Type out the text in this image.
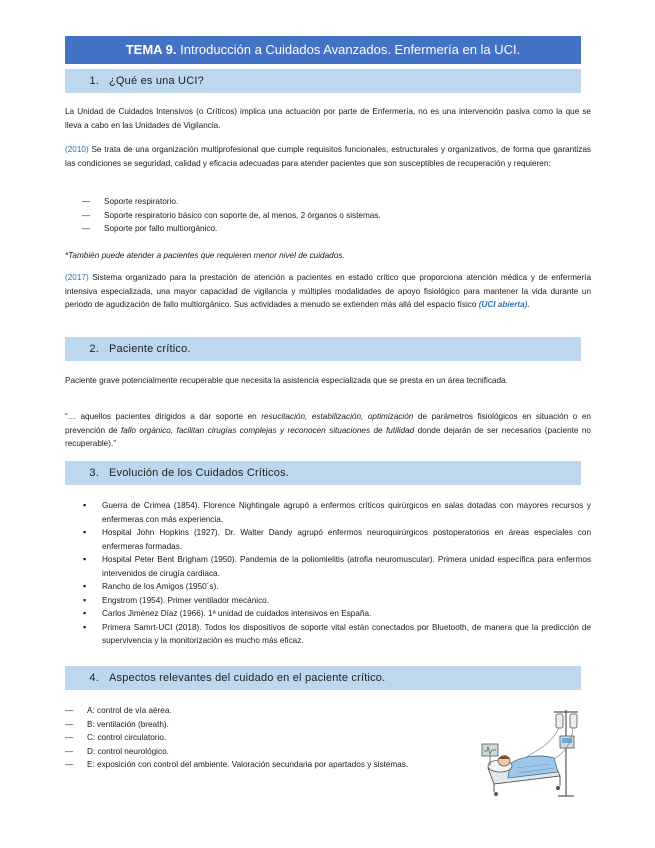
TEMA 9. Introducción a Cuidados Avanzados. Enfermería en la UCI.
1. ¿Qué es una UCI?
La Unidad de Cuidados Intensivos (o Críticos) implica una actuación por parte de Enfermería, no es una intervención pasiva como la que se lleva a cabo en las Unidades de Vigilancia.
(2010) Se trata de una organización multiprofesional que cumple requisitos funcionales, estructurales y organizativos, de forma que garantizas las condiciones se seguridad, calidad y eficacia adecuadas para atender pacientes que son susceptibles de recuperación y requieren:
— Soporte respiratorio.
— Soporte respiratorio básico con soporte de, al menos, 2 órganos o sistemas.
— Soporte por fallo multiorgánico.
*También puede atender a pacientes que requieren menor nivel de cuidados.
(2017) Sistema organizado para la prestación de atención a pacientes en estado crítico que proporciona atención médica y de enfermería intensiva especializada, una mayor capacidad de vigilancia y múltiples modalidades de apoyo fisiológico para mantener la vida durante un periodo de agudización de fallo multiorgánico. Sus actividades a menudo se extienden más allá del espacio físico (UCI abierta).
2. Paciente crítico.
Paciente grave potencialmente recuperable que necesita la asistencia especializada que se presta en un área tecnificada.
“… aquellos pacientes dirigidos a dar soporte en resucitación, estabilización, optimización de parámetros fisiológicos en situación o en prevención de fallo orgánico, facilitan cirugías complejas y reconocen situaciones de futilidad donde dejarán de ser necesarios (paciente no recuperable).”
3. Evolución de los Cuidados Críticos.
▪ Guerra de Crimea (1854). Florence Nightingale agrupó a enfermos críticos quirúrgicos en salas dotadas con mayores recursos y enfermeras con más experiencia.
▪ Hospital John Hopkins (1927). Dr. Walter Dandy agrupó enfermos neuroquirúrgicos postoperatorios en áreas especiales con enfermeras formadas.
▪ Hospital Peter Bent Brigham (1950). Pandemia de la poliomielitis (atrofia neuromuscular). Primera unidad específica para enfermos intervenidos de cirugía cardiaca.
▪ Rancho de los Amigos (1950´s).
▪ Engstrom (1954). Primer ventilador mecánico.
▪ Carlos Jiménez Díaz (1966). 1ª unidad de cuidados intensivos en España.
▪ Primera Samrt-UCI (2018). Todos los dispositivos de soporte vital están conectados por Bluetooth, de manera que la predicción de supervivencia y la monitorización es mucho más eficaz.
4. Aspectos relevantes del cuidado en el paciente crítico.
— A: control de vía aérea.
— B: ventilación (breath).
— C: control circulatorio.
— D: control neurológico.
— E: exposición con control del ambiente. Valoración secundaria por apartados y sistemas.
